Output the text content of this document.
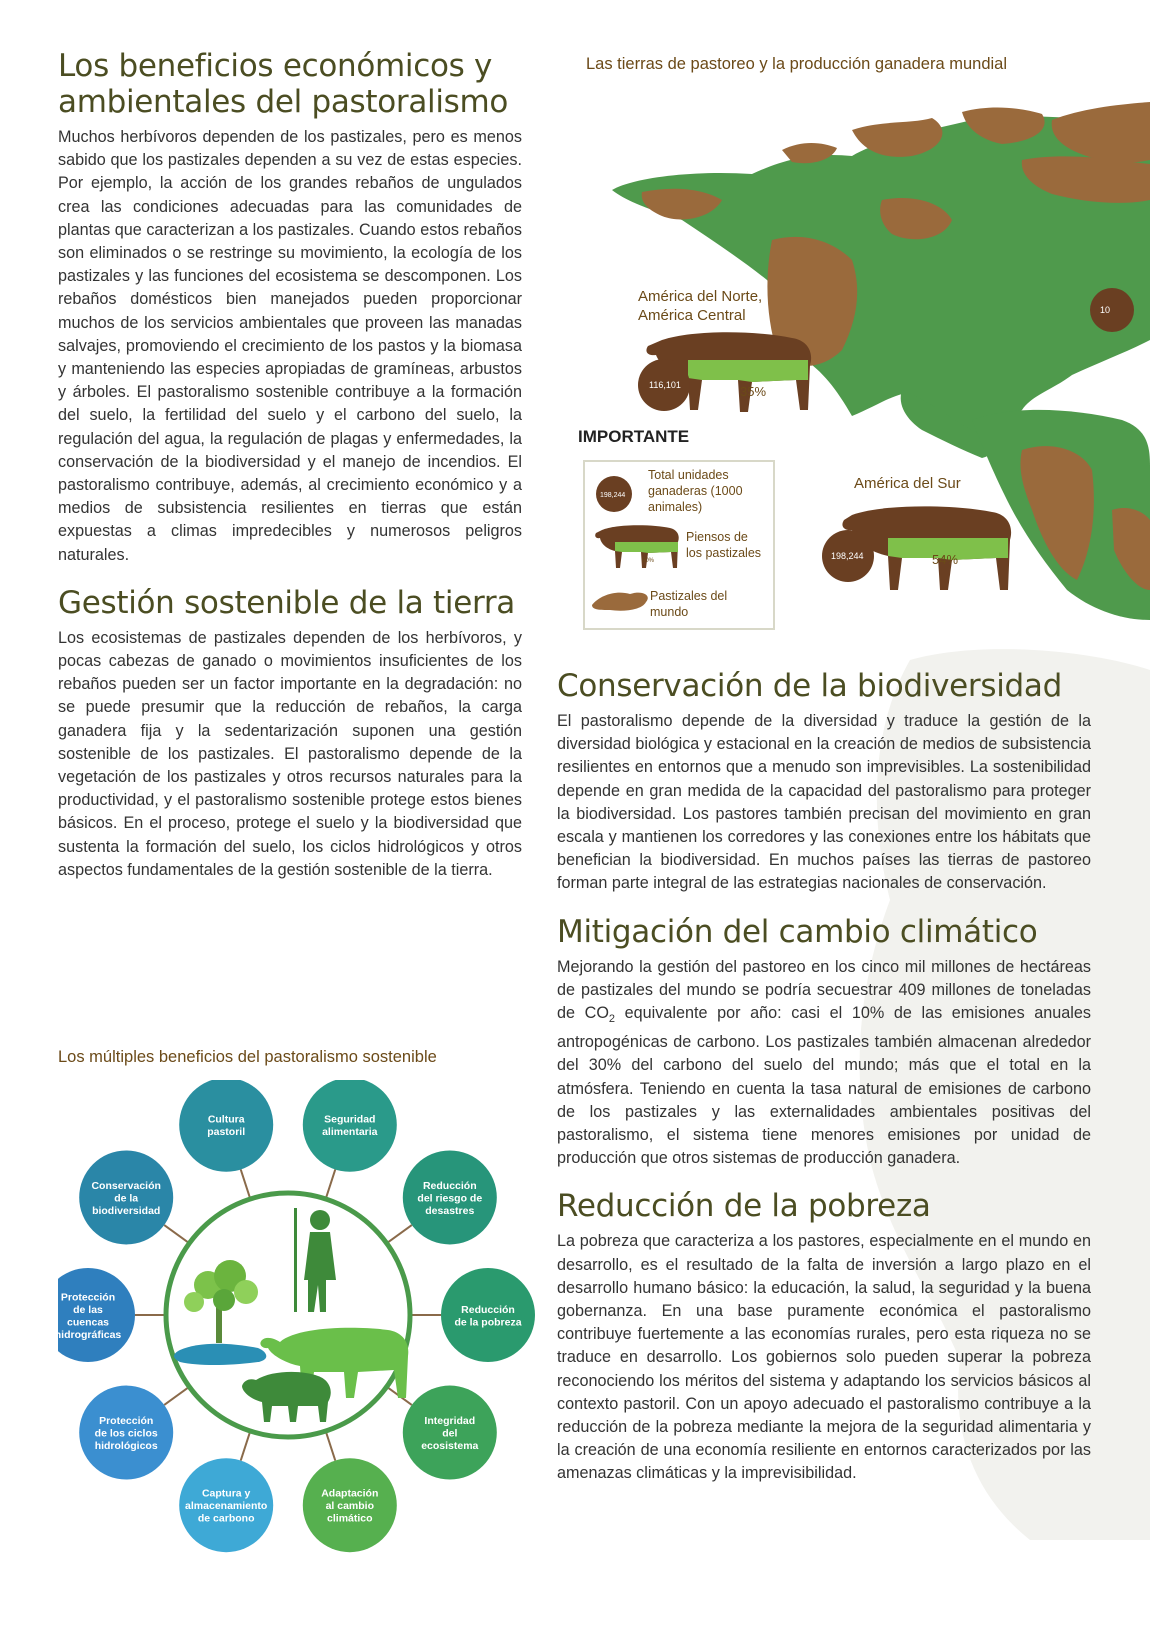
Los beneficios económicos y
ambientales del pastoralismo

Muchos herbívoros dependen de los pastizales, pero es menos sabido que los pastizales dependen a su vez de estas especies. Por ejemplo, la acción de los grandes rebaños de ungulados crea las condiciones adecuadas para las comunidades de plantas que caracterizan a los pastizales. Cuando estos rebaños son eliminados o se restringe su movimiento, la ecología de los pastizales y las funciones del ecosistema se descomponen. Los rebaños domésticos bien manejados pueden proporcionar muchos de los servicios ambientales que proveen las manadas salvajes, promoviendo el crecimiento de los pastos y la biomasa y manteniendo las especies apropiadas de gramíneas, arbustos y árboles. El pastoralismo sostenible contribuye a la formación del suelo, la fertilidad del suelo y el carbono del suelo, la regulación del agua, la regulación de plagas y enfermedades, la conservación de la biodiversidad y el manejo de incendios. El pastoralismo contribuye, además, al crecimiento económico y a medios de subsistencia resilientes en tierras que están expuestas a climas impredecibles y numerosos peligros naturales.

Gestión sostenible de la tierra

Los ecosistemas de pastizales dependen de los herbívoros, y pocas cabezas de ganado o movimientos insuficientes de los rebaños pueden ser un factor importante en la degradación: no se puede presumir que la reducción de rebaños, la carga ganadera fija y la sedentarización suponen una gestión sostenible de los pastizales. El pastoralismo depende de la vegetación de los pastizales y otros recursos naturales para la productividad, y el pastoralismo sostenible protege estos bienes básicos. En el proceso, protege el suelo y la biodiversidad que sustenta la formación del suelo, los ciclos hidrológicos y otros aspectos fundamentales de la gestión sostenible de la tierra.

Las tierras de pastoreo y la producción ganadera mundial
10
América del Norte,
América Central
116,101	35%
América del Sur
198,244	54%
IMPORTANTE
198,244
Total unidades
ganaderas (1000
animales)
50%
Piensos de
los pastizales
Pastizales del
mundo
Conservación de la biodiversidad

El pastoralismo depende de la diversidad y traduce la gestión de la diversidad biológica y estacional en la creación de medios de subsistencia resilientes en entornos que a menudo son imprevisibles. La sostenibilidad depende en gran medida de la capacidad del pastoralismo para proteger la biodiversidad. Los pastores también precisan del movimiento en gran escala y mantienen los corredores y las conexiones entre los hábitats que benefician la biodiversidad. En muchos países las tierras de pastoreo forman parte integral de las estrategias nacionales de conservación.

Mitigación del cambio climático

Mejorando la gestión del pastoreo en los cinco mil millones de hectáreas de pastizales del mundo se podría secuestrar 409 millones de toneladas de $CO_2$ equivalente por año: casi el 10% de las emisiones anuales antropogénicas de carbono. Los pastizales también almacenan alrededor del 30% del carbono del suelo del mundo; más que el total en la atmósfera. Teniendo en cuenta la tasa natural de emisiones de carbono de los pastizales y las externalidades ambientales positivas del pastoralismo, el sistema tiene menores emisiones por unidad de producción que otros sistemas de producción ganadera.

Reducción de la pobreza

La pobreza que caracteriza a los pastores, especialmente en el mundo en desarrollo, es el resultado de la falta de inversión a largo plazo en el desarrollo humano básico: la educación, la salud, la seguridad y la buena gobernanza. En una base puramente económica el pastoralismo contribuye fuertemente a las economías rurales, pero esta riqueza no se traduce en desarrollo. Los gobiernos solo pueden superar la pobreza reconociendo los méritos del sistema y adaptando los servicios básicos al contexto pastoril. Con un apoyo adecuado el pastoralismo contribuye a la reducción de la pobreza mediante la mejora de la seguridad alimentaria y la creación de una economía resiliente en entornos caracterizados por las amenazas climáticas y la imprevisibilidad.

Los múltiples beneficios del pastoralismo sostenible
Cultura
pastoril
Seguridad
alimentaria
Reducción
del riesgo de
desastres
Reducción
de la pobreza
Integridad
del
ecosistema
Adaptación
al cambio
climático
Captura y
almacenamiento
de carbono
Protección
de los ciclos
hidrológicos
Protección
de las
cuencas
hidrográficas
Conservación
de la
biodiversidad
